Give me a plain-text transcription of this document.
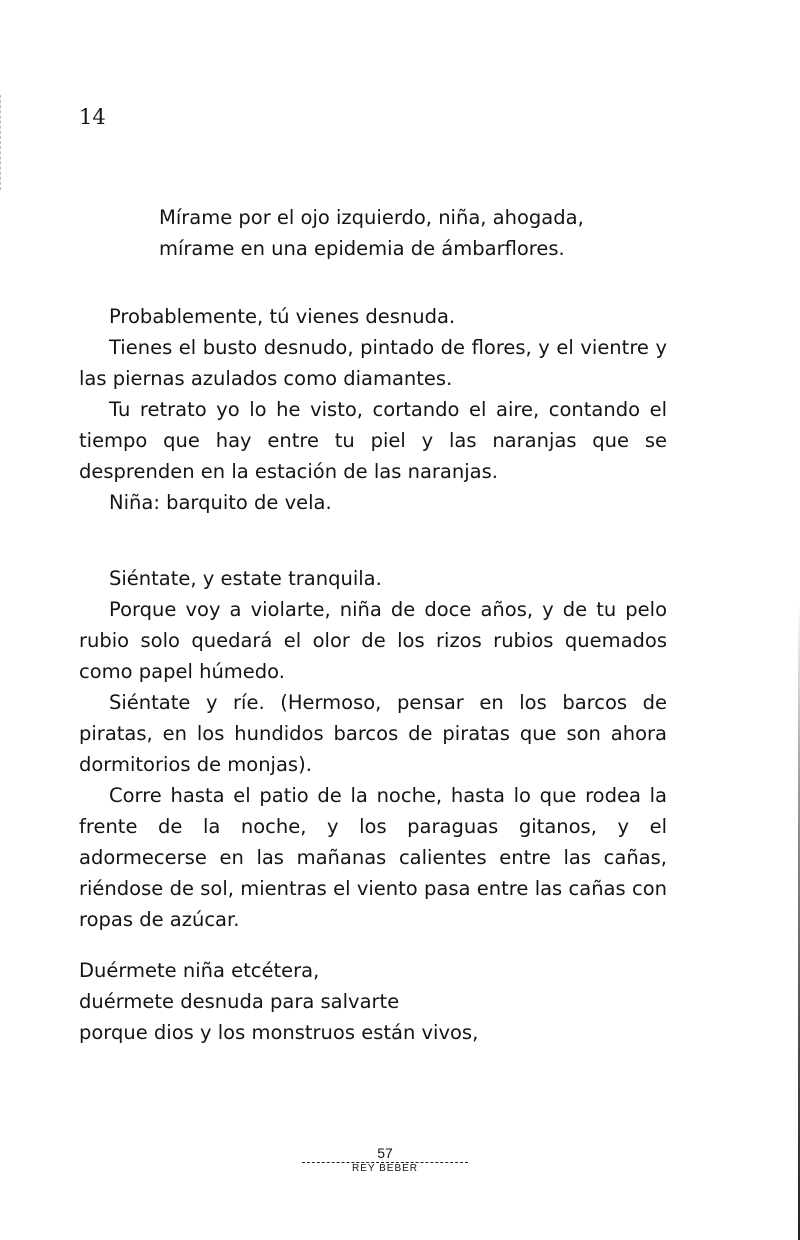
14
Mírame por el ojo izquierdo, niña, ahogada,
mírame en una epidemia de ámbarflores.

Probablemente, tú vienes desnuda.

Tienes el busto desnudo, pintado de flores, y el vientre y las piernas azulados como diamantes.

Tu retrato yo lo he visto, cortando el aire, contando el tiempo que hay entre tu piel y las naranjas que se desprenden en la estación de las naranjas.

Niña: barquito de vela.

Siéntate, y estate tranquila.

Porque voy a violarte, niña de doce años, y de tu pelo rubio solo quedará el olor de los rizos rubios quemados como papel húmedo.

Siéntate y ríe. (Hermoso, pensar en los barcos de piratas, en los hundidos barcos de piratas que son ahora dormitorios de monjas).

Corre hasta el patio de la noche, hasta lo que rodea la frente de la noche, y los paraguas gitanos, y el adormecerse en las mañanas calientes entre las cañas, riéndose de sol, mientras el viento pasa entre las cañas con ropas de azúcar.

Duérmete niña etcétera,
duérmete desnuda para salvarte
porque dios y los monstruos están vivos,
57
REY BEBER
